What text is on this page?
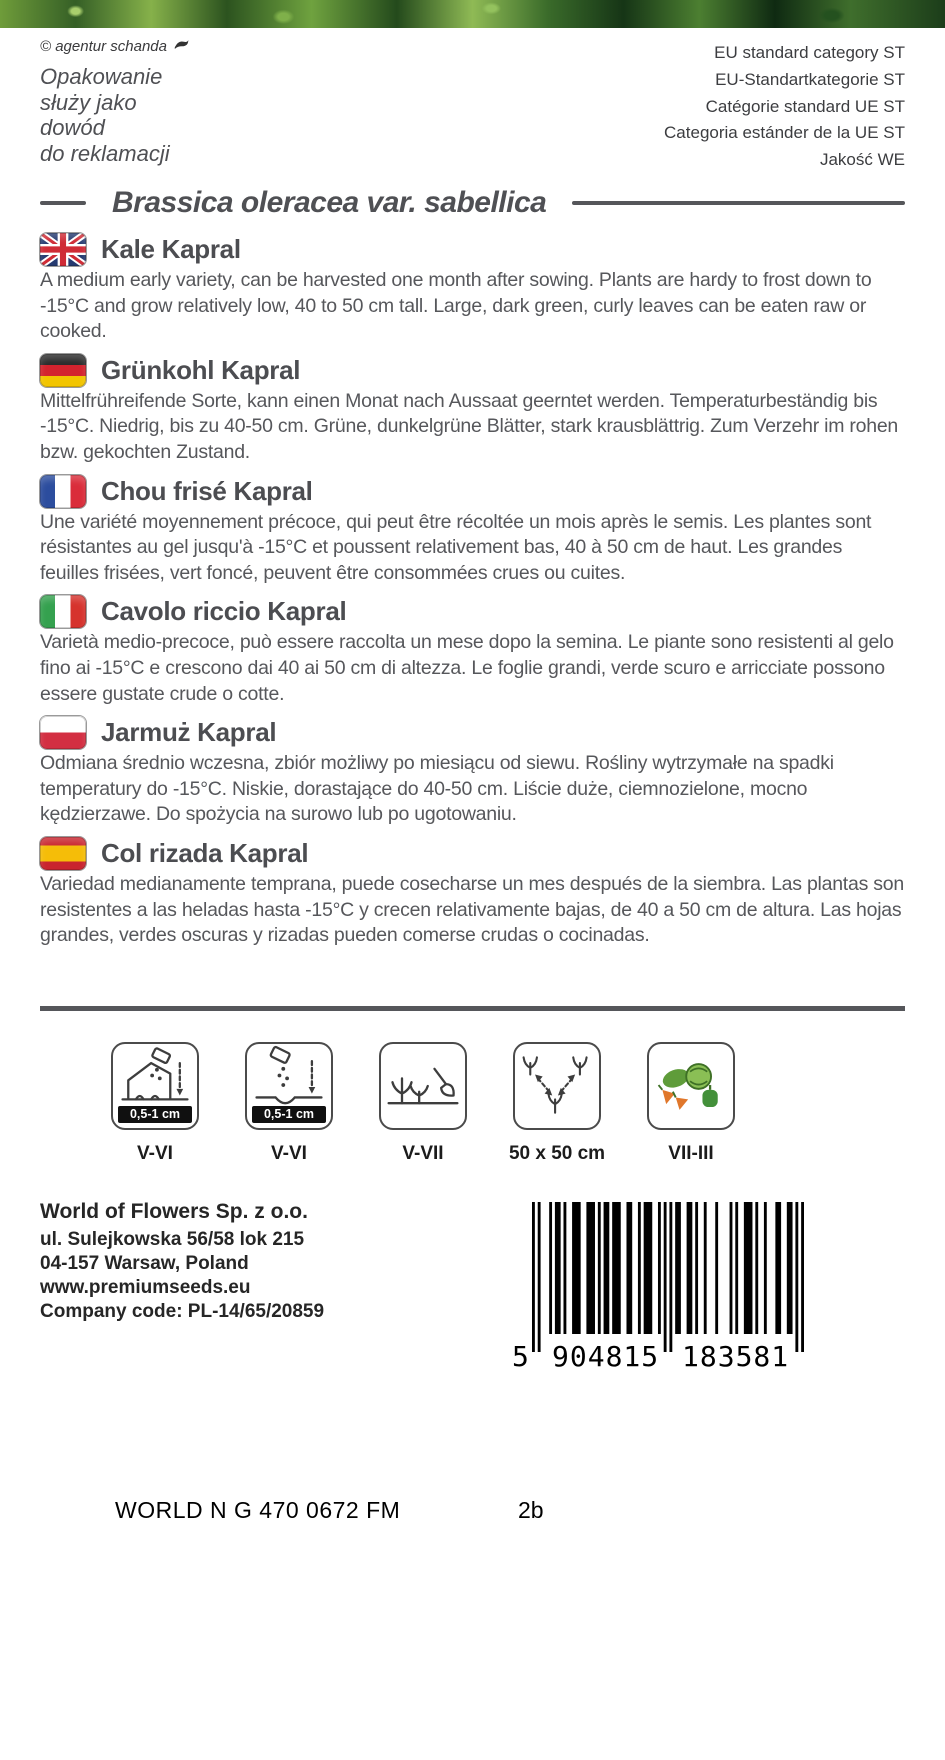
© agentur schanda
Opakowanie
służy jako
dowód
do reklamacji
EU standard category ST
EU-Standartkategorie ST
Catégorie standard UE ST
Categoria estánder de la UE ST
Jakość WE
Brassica oleracea var. sabellica
Kale Kapral

A medium early variety, can be harvested one month after sowing. Plants are hardy to frost down to -15°C and grow relatively low, 40 to 50 cm tall. Large, dark green, curly leaves can be eaten raw or cooked.

Grünkohl Kapral

Mittelfrühreifende Sorte, kann einen Monat nach Aussaat geerntet werden. Temperaturbeständig bis -15°C. Niedrig, bis zu 40-50 cm. Grüne, dunkelgrüne Blätter, stark krausblättrig. Zum Verzehr im rohen bzw. gekochten Zustand.

Chou frisé Kapral

Une variété moyennement précoce, qui peut être récoltée un mois après le semis. Les plantes sont résistantes au gel jusqu'à -15°C et poussent relativement bas, 40 à 50 cm de haut. Les grandes feuilles frisées, vert foncé, peuvent être consommées crues ou cuites.

Cavolo riccio Kapral

Varietà medio-precoce, può essere raccolta un mese dopo la semina. Le piante sono resistenti al gelo fino ai -15°C e crescono dai 40 ai 50 cm di altezza. Le foglie grandi, verde scuro e arricciate possono essere gustate crude o cotte.

Jarmuż Kapral

Odmiana średnio wczesna, zbiór możliwy po miesiącu od siewu. Rośliny wytrzymałe na spadki temperatury do -15°C. Niskie, dorastające do 40-50 cm. Liście duże, ciemnozielone, mocno kędzierzawe. Do spożycia na surowo lub po ugotowaniu.

Col rizada Kapral

Variedad medianamente temprana, puede cosecharse un mes después de la siembra. Las plantas son resistentes a las heladas hasta -15°C y crecen relativamente bajas, de 40 a 50 cm de altura. Las hojas grandes, verdes oscuras y rizadas pueden comerse crudas o cocinadas.

0,5-1 cm
V-VI
0,5-1 cm
V-VI	V-VII	50 x 50 cm	VII-III
World of Flowers Sp. z o.o.
ul. Sulejkowska 56/58 lok 215
04-157 Warsaw, Poland
www.premiumseeds.eu
Company code: PL-14/65/20859
5 904815 183581
WORLD N G 470 0672 FM	2b
